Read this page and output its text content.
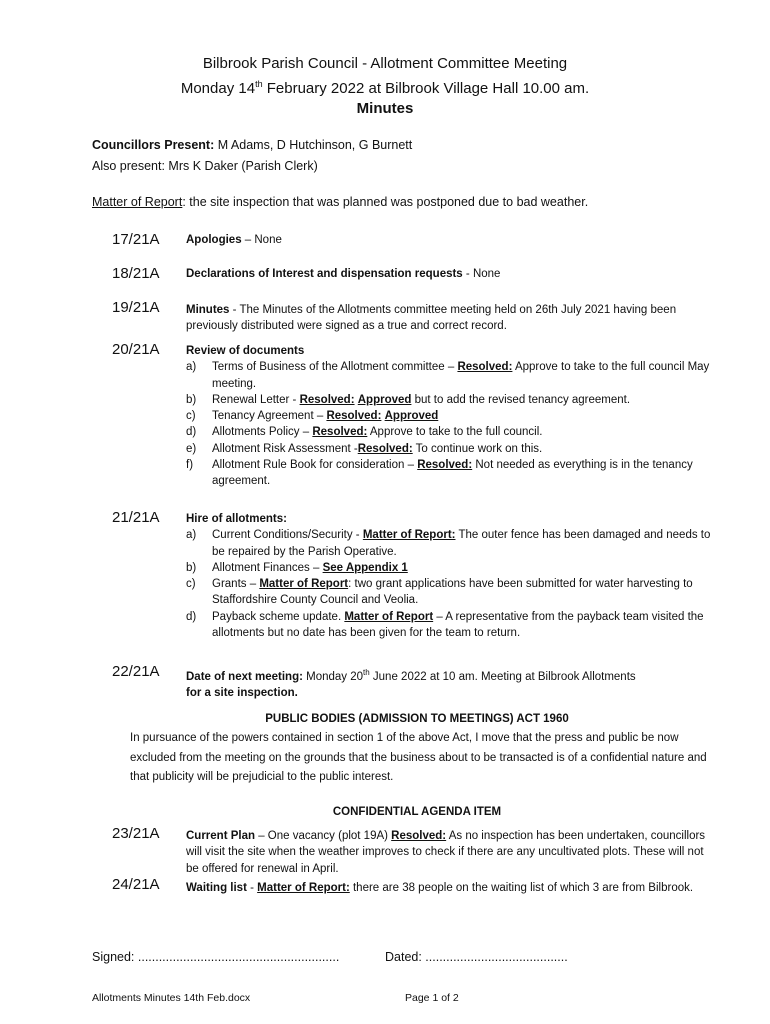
Bilbrook Parish Council - Allotment Committee Meeting
Monday 14th February 2022 at Bilbrook Village Hall 10.00 am.
Minutes
Councillors Present: M Adams, D Hutchinson, G Burnett
Also present: Mrs K Daker (Parish Clerk)
Matter of Report: the site inspection that was planned was postponed due to bad weather.
17/21A Apologies – None
18/21A Declarations of Interest and dispensation requests - None
19/21A Minutes - The Minutes of the Allotments committee meeting held on 26th July 2021 having been previously distributed were signed as a true and correct record.
20/21A Review of documents
a) Terms of Business of the Allotment committee – Resolved: Approve to take to the full council May meeting.
b) Renewal Letter - Resolved: Approved but to add the revised tenancy agreement.
c) Tenancy Agreement – Resolved: Approved
d) Allotments Policy – Resolved: Approve to take to the full council.
e) Allotment Risk Assessment -Resolved: To continue work on this.
f) Allotment Rule Book for consideration – Resolved: Not needed as everything is in the tenancy agreement.
21/21A Hire of allotments:
a) Current Conditions/Security - Matter of Report: The outer fence has been damaged and needs to be repaired by the Parish Operative.
b) Allotment Finances – See Appendix 1
c) Grants – Matter of Report: two grant applications have been submitted for water harvesting to Staffordshire County Council and Veolia.
d) Payback scheme update. Matter of Report – A representative from the payback team visited the allotments but no date has been given for the team to return.
22/21A Date of next meeting: Monday 20th June 2022 at 10 am. Meeting at Bilbrook Allotments
for a site inspection.
PUBLIC BODIES (ADMISSION TO MEETINGS) ACT 1960
In pursuance of the powers contained in section 1 of the above Act, I move that the press and public be now excluded from the meeting on the grounds that the business about to be transacted is of a confidential nature and that publicity will be prejudicial to the public interest.
CONFIDENTIAL AGENDA ITEM
23/21A Current Plan – One vacancy (plot 19A) Resolved: As no inspection has been undertaken, councillors will visit the site when the weather improves to check if there are any uncultivated plots. These will not be offered for renewal in April.
24/21A Waiting list - Matter of Report: there are 38 people on the waiting list of which 3 are from Bilbrook.
Signed: ..........................................................	Dated: .........................................
Allotments Minutes 14th Feb.docx	Page 1 of 2
